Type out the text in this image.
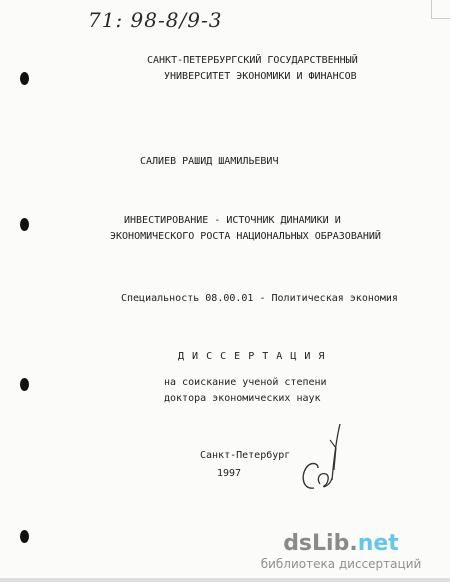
71: 98-8/9-3
САНКТ-ПЕТЕРБУРГСКИЙ ГОСУДАРСТВЕННЫЙ
УНИВЕРСИТЕТ ЭКОНОМИКИ И ФИНАНСОВ
САЛИЕВ РАШИД ШАМИЛЬЕВИЧ
ИНВЕСТИРОВАНИЕ - ИСТОЧНИК ДИНАМИКИ И
ЭКОНОМИЧЕСКОГО РОСТА НАЦИОНАЛЬНЫХ ОБРАЗОВАНИЙ
Специальность 08.00.01 - Политическая экономия
Д И С С Е Р Т А Ц И Я
на соискание ученой степени
доктора экономических наук
Санкт-Петербург
1997
dsLib.net
библиотека диссертаций
